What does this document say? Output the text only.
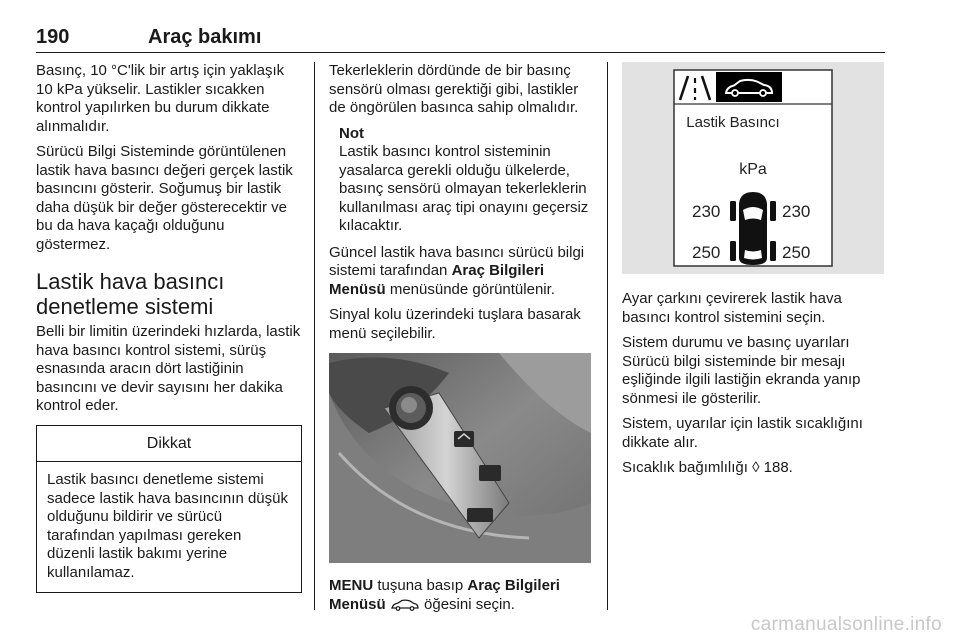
190	Araç bakımı

Basınç, 10 °C'lik bir artış için yaklaşık 10 kPa yükselir. Lastikler sıcakken kontrol yapılırken bu durum dikkate alınmalıdır.

Sürücü Bilgi Sisteminde görüntülenen lastik hava basıncı değeri gerçek lastik basıncını gösterir. Soğumuş bir lastik daha düşük bir değer gösterecektir ve bu da hava kaçağı olduğunu göstermez.

Lastik hava basıncı denetleme sistemi

Belli bir limitin üzerindeki hızlarda, lastik hava basıncı kontrol sistemi, sürüş esnasında aracın dört lastiğinin basıncını ve devir sayısını her dakika kontrol eder.

Dikkat
Lastik basıncı denetleme sistemi sadece lastik hava basıncının düşük olduğunu bildirir ve sürücü tarafından yapılması gereken düzenli lastik bakımı yerine kullanılamaz.

Tekerleklerin dördünde de bir basınç sensörü olması gerektiği gibi, lastikler de öngörülen basınca sahip olmalıdır.

Not
Lastik basıncı kontrol sisteminin yasalarca gerekli olduğu ülkelerde, basınç sensörü olmayan tekerleklerin kullanılması araç tipi onayını geçersiz kılacaktır.

Güncel lastik hava basıncı sürücü bilgi sistemi tarafından Araç Bilgileri Menüsü menüsünde görüntülenir.

Sinyal kolu üzerindeki tuşlara basarak menü seçilebilir.

MENU tuşuna basıp Araç Bilgileri Menüsü  öğesini seçin.

Lastik Basıncı
kPa
230	230
250	250

Ayar çarkını çevirerek lastik hava basıncı kontrol sistemini seçin.

Sistem durumu ve basınç uyarıları Sürücü bilgi sisteminde bir mesajı eşliğinde ilgili lastiğin ekranda yanıp sönmesi ile gösterilir.

Sistem, uyarılar için lastik sıcaklığını dikkate alır.

Sıcaklık bağımlılığı ◊ 188.

carmanualsonline.info
